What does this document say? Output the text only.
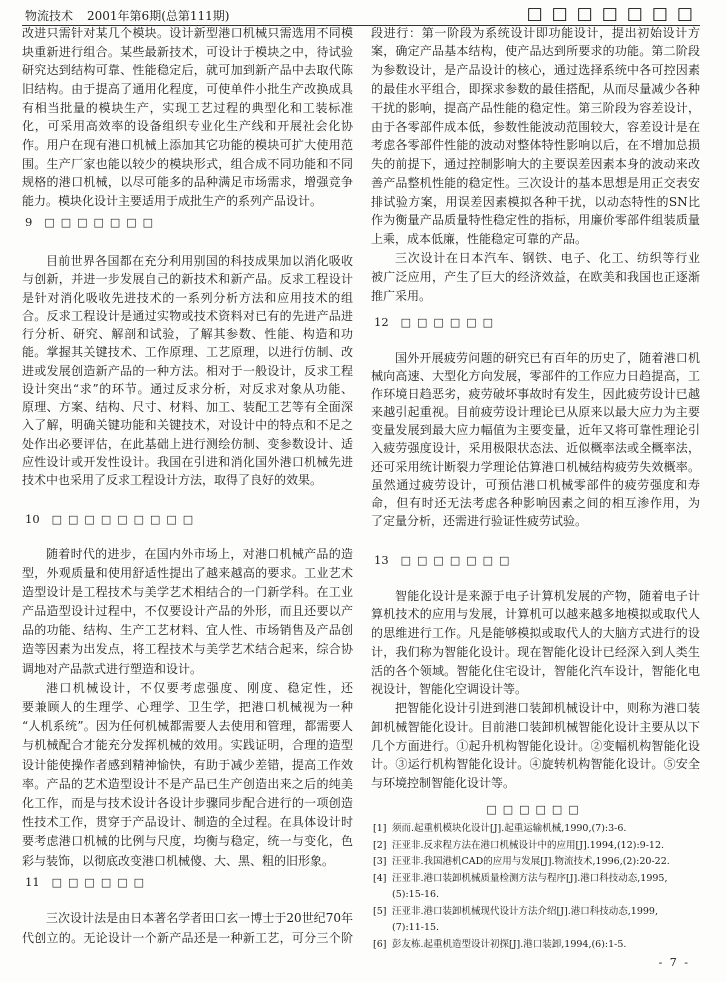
物流技术 2001年第6期(总第111期)	□□□□□□□
改进只需针对某几个模块。设计新型港口机械只需选用不同模
块重新进行组合。某些最新技术，可设计于模块之中，待试验
研究达到结构可靠、性能稳定后，就可加到新产品中去取代陈
旧结构。由于提高了通用化程度，可使单件小批生产改换成具
有相当批量的模块生产，实现工艺过程的典型化和工装标准
化，可采用高效率的设备组织专业化生产线和开展社会化协
作。用户在现有港口机械上添加其它功能的模块可扩大使用范
围。生产厂家也能以较少的模块形式，组合成不同功能和不同
规格的港口机械，以尽可能多的品种满足市场需求，增强竞争
能力。模块化设计主要适用于成批生产的系列产品设计。
9 □□□□□□□
目前世界各国都在充分利用别国的科技成果加以消化吸收
与创新，并进一步发展自己的新技术和新产品。反求工程设计
是针对消化吸收先进技术的一系列分析方法和应用技术的组
合。反求工程设计是通过实物或技术资料对已有的先进产品进
行分析、研究、解剖和试验，了解其参数、性能、构造和功
能。掌握其关键技术、工作原理、工艺原理，以进行仿制、改
进或发展创造新产品的一种方法。相对于一般设计，反求工程
设计突出“求”的环节。通过反求分析，对反求对象从功能、
原理、方案、结构、尺寸、材料、加工、装配工艺等有全面深
入了解，明确关键功能和关键技术，对设计中的特点和不足之
处作出必要评估，在此基础上进行测绘仿制、变参数设计、适
应性设计或开发性设计。我国在引进和消化国外港口机械先进
技术中也采用了反求工程设计方法，取得了良好的效果。
10 □□□□□□□□□
随着时代的进步，在国内外市场上，对港口机械产品的造
型，外观质量和使用舒适性提出了越来越高的要求。工业艺术
造型设计是工程技术与美学艺术相结合的一门新学科。在工业
产品造型设计过程中，不仅要设计产品的外形，而且还要以产
品的功能、结构、生产工艺材料、宜人性、市场销售及产品创
造等因素为出发点，将工程技术与美学艺术结合起来，综合协
调地对产品款式进行塑造和设计。
港口机械设计，不仅要考虑强度、刚度、稳定性，还
要兼顾人的生理学、心理学、卫生学，把港口机械视为一种
“人机系统”。因为任何机械都需要人去使用和管理，都需要人
与机械配合才能充分发挥机械的效用。实践证明，合理的造型
设计能使操作者感到精神愉快，有助于减少差错，提高工作效
率。产品的艺术造型设计不是产品已生产创造出来之后的纯美
化工作，而是与技术设计各设计步骤同步配合进行的一项创造
性技术工作，贯穿于产品设计、制造的全过程。在具体设计时
要考虑港口机械的比例与尺度，均衡与稳定，统一与变化，色
彩与装饰，以彻底改变港口机械傻、大、黑、粗的旧形象。
11 □□□□□□
三次设计法是由日本著名学者田口玄一博士于20世纪70年
代创立的。无论设计一个新产品还是一种新工艺，可分三个阶
段进行：第一阶段为系统设计即功能设计，提出初始设计方
案，确定产品基本结构，使产品达到所要求的功能。第二阶段
为参数设计，是产品设计的核心，通过选择系统中各可控因素
的最佳水平组合，即探求参数的最佳搭配，从而尽量减少各种
干扰的影响，提高产品性能的稳定性。第三阶段为容差设计，
由于各零部件成本低，参数性能波动范围较大，容差设计是在
考虑各零部件性能的波动对整体特性影响以后，在不增加总损
失的前提下，通过控制影响大的主要误差因素本身的波动来改
善产品整机性能的稳定性。三次设计的基本思想是用正交表安
排试验方案，用误差因素模拟各种干扰，以动态特性的SN比
作为衡量产品质量特性稳定性的指标，用廉价零部件组装质量
上乘，成本低廉，性能稳定可靠的产品。
三次设计在日本汽车、钢铁、电子、化工、纺织等行业
被广泛应用，产生了巨大的经济效益，在欧美和我国也正逐渐
推广采用。
12 □□□□□□
国外开展疲劳问题的研究已有百年的历史了，随着港口机
械向高速、大型化方向发展，零部件的工作应力日趋提高，工
作环境日趋恶劣，疲劳破坏事故时有发生，因此疲劳设计已越
来越引起重视。目前疲劳设计理论已从原来以最大应力为主要
变量发展到最大应力幅值为主要变量，近年又将可靠性理论引
入疲劳强度设计，采用极限状态法、近似概率法或全概率法，
还可采用统计断裂力学理论估算港口机械结构疲劳失效概率。
虽然通过疲劳设计，可预估港口机械零部件的疲劳强度和寿
命，但有时还无法考虑各种影响因素之间的相互渗作用，为
了定量分析，还需进行验证性疲劳试验。
13 □□□□□□□
智能化设计是来源于电子计算机发展的产物，随着电子计
算机技术的应用与发展，计算机可以越来越多地模拟或取代人
的思维进行工作。凡是能够模拟或取代人的大脑方式进行的设
计，我们称为智能化设计。现在智能化设计已经深入到人类生
活的各个领域。智能化住宅设计，智能化汽车设计，智能化电
视设计，智能化空调设计等。
把智能化设计引进到港口装卸机械设计中，则称为港口装
卸机械智能化设计。目前港口装卸机械智能化设计主要从以下
几个方面进行。①起升机构智能化设计。②变幅机构智能化设
计。③运行机构智能化设计。④旋转机构智能化设计。⑤安全
与环境控制智能化设计等。
□□□□□□
[1] 须而.起重机模块化设计[J].起重运输机械,1990,(7):3-6.
[2] 汪亚非.反求程方法在港口机械设计中的应用[J].1994,(12):9-12.
[3] 汪亚非.我国港机CAD的应用与发展[J].物流技术,1996,(2):20-22.
[4] 汪亚非.港口装卸机械质量检测方法与程序[J].港口科技动态,1995,
(5):15-16.
[5] 汪亚非.港口装卸机械现代设计方法介绍[J].港口科技动态,1999,
(7):11-15.
[6] 彭友栋.起重机造型设计初探[J].港口装卸,1994,(6):1-5.
- 7 -
